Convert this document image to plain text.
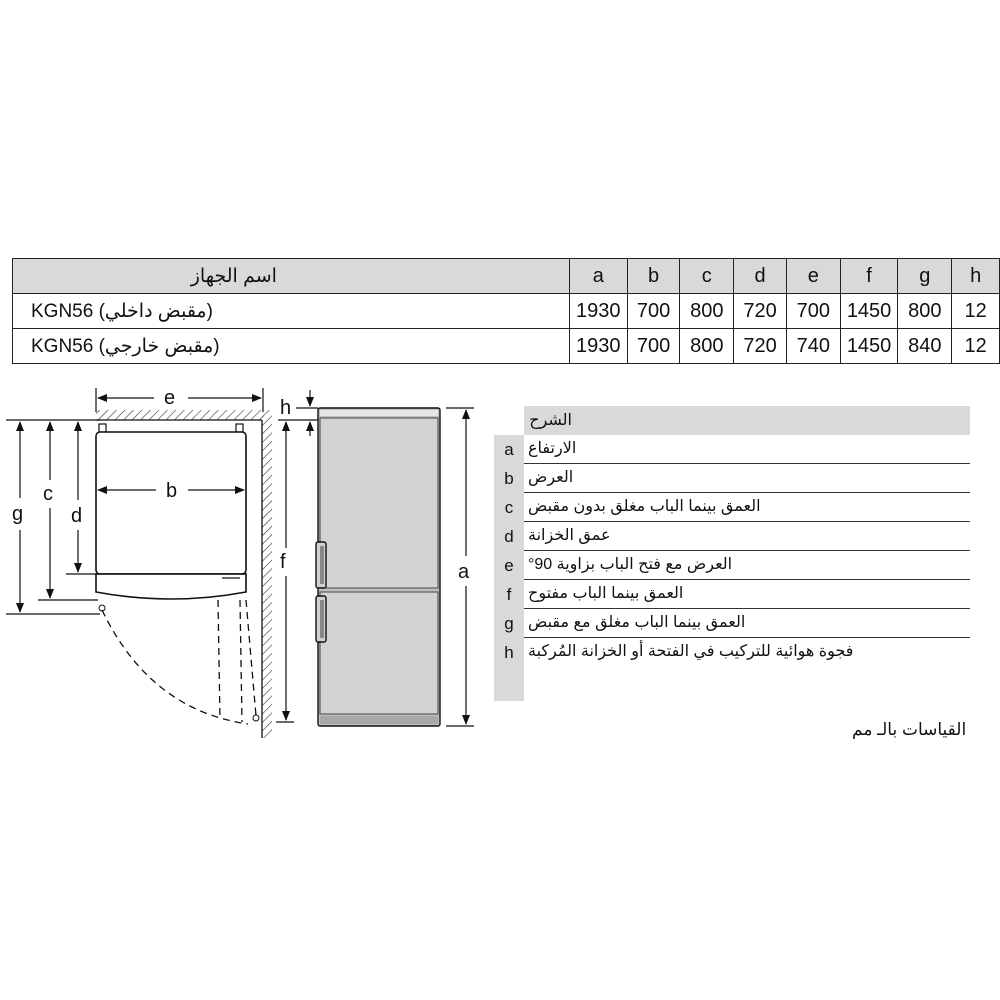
اسم الجهاز	a	b	c	d	e	f	g	h
KGN56 (مقبض داخلي)	1930	700	800	720	700	1450	800	12
KGN56 (مقبض خارجي)	1930	700	800	720	740	1450	840	12
e
b
g
c
d
f
h
a
الشرح
a الارتفاع
b العرض
c العمق بينما الباب مغلق بدون مقبض
d عمق الخزانة
e العرض مع فتح الباب بزاوية 90°
f	العمق بينما الباب مفتوح
g العمق بينما الباب مغلق مع مقبض
h فجوة هوائية للتركيب في الفتحة أو الخزانة المُركبة
القياسات بالـ مم
